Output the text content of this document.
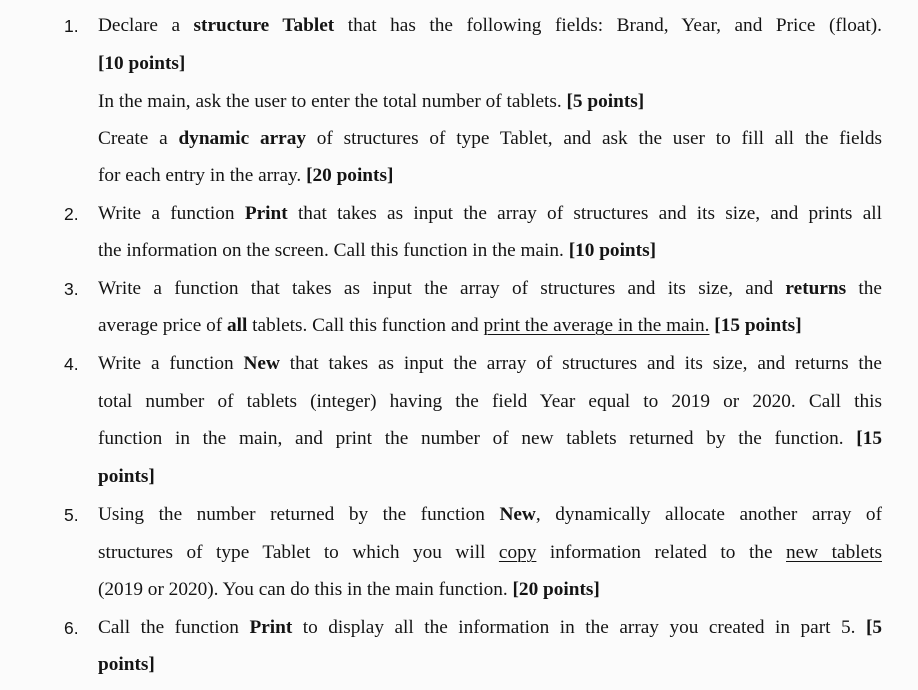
1.	Declare a structure Tablet that has the following fields: Brand, Year, and Price (float).
[10 points]
In the main, ask the user to enter the total number of tablets. [5 points]
Create a dynamic array of structures of type Tablet, and ask the user to fill all the fields
for each entry in the array. [20 points]
2.	Write a function Print that takes as input the array of structures and its size, and prints all
the information on the screen. Call this function in the main. [10 points]
3.	Write a function that takes as input the array of structures and its size, and returns the
average price of all tablets. Call this function and print the average in the main. [15 points]
4.	Write a function New that takes as input the array of structures and its size, and returns the
total number of tablets (integer) having the field Year equal to 2019 or 2020. Call this
function in the main, and print the number of new tablets returned by the function. [15
points]
5.	Using the number returned by the function New, dynamically allocate another array of
structures of type Tablet to which you will copy information related to the new tablets
(2019 or 2020). You can do this in the main function. [20 points]
6.	Call the function Print to display all the information in the array you created in part 5. [5
points]
